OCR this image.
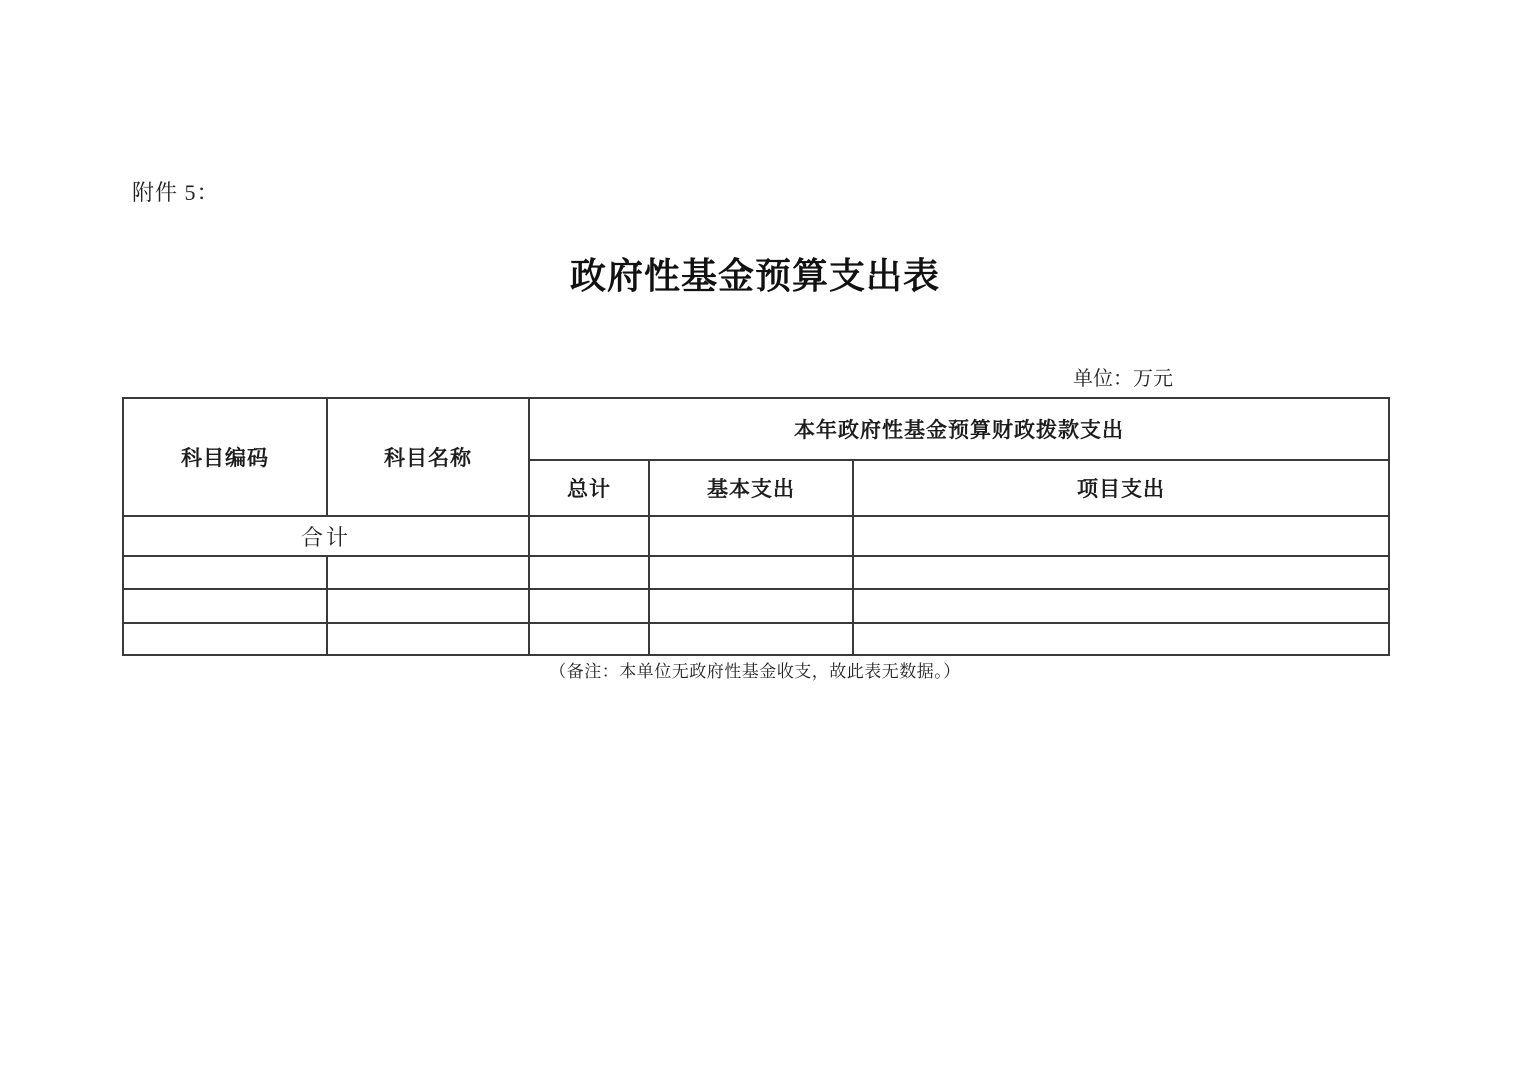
附件 5：
政府性基金预算支出表
单位：万元
科目编码	科目名称	本年政府性基金预算财政拨款支出		
		总计	基本支出	项目支出
合计				

（备注：本单位无政府性基金收支，故此表无数据。）
